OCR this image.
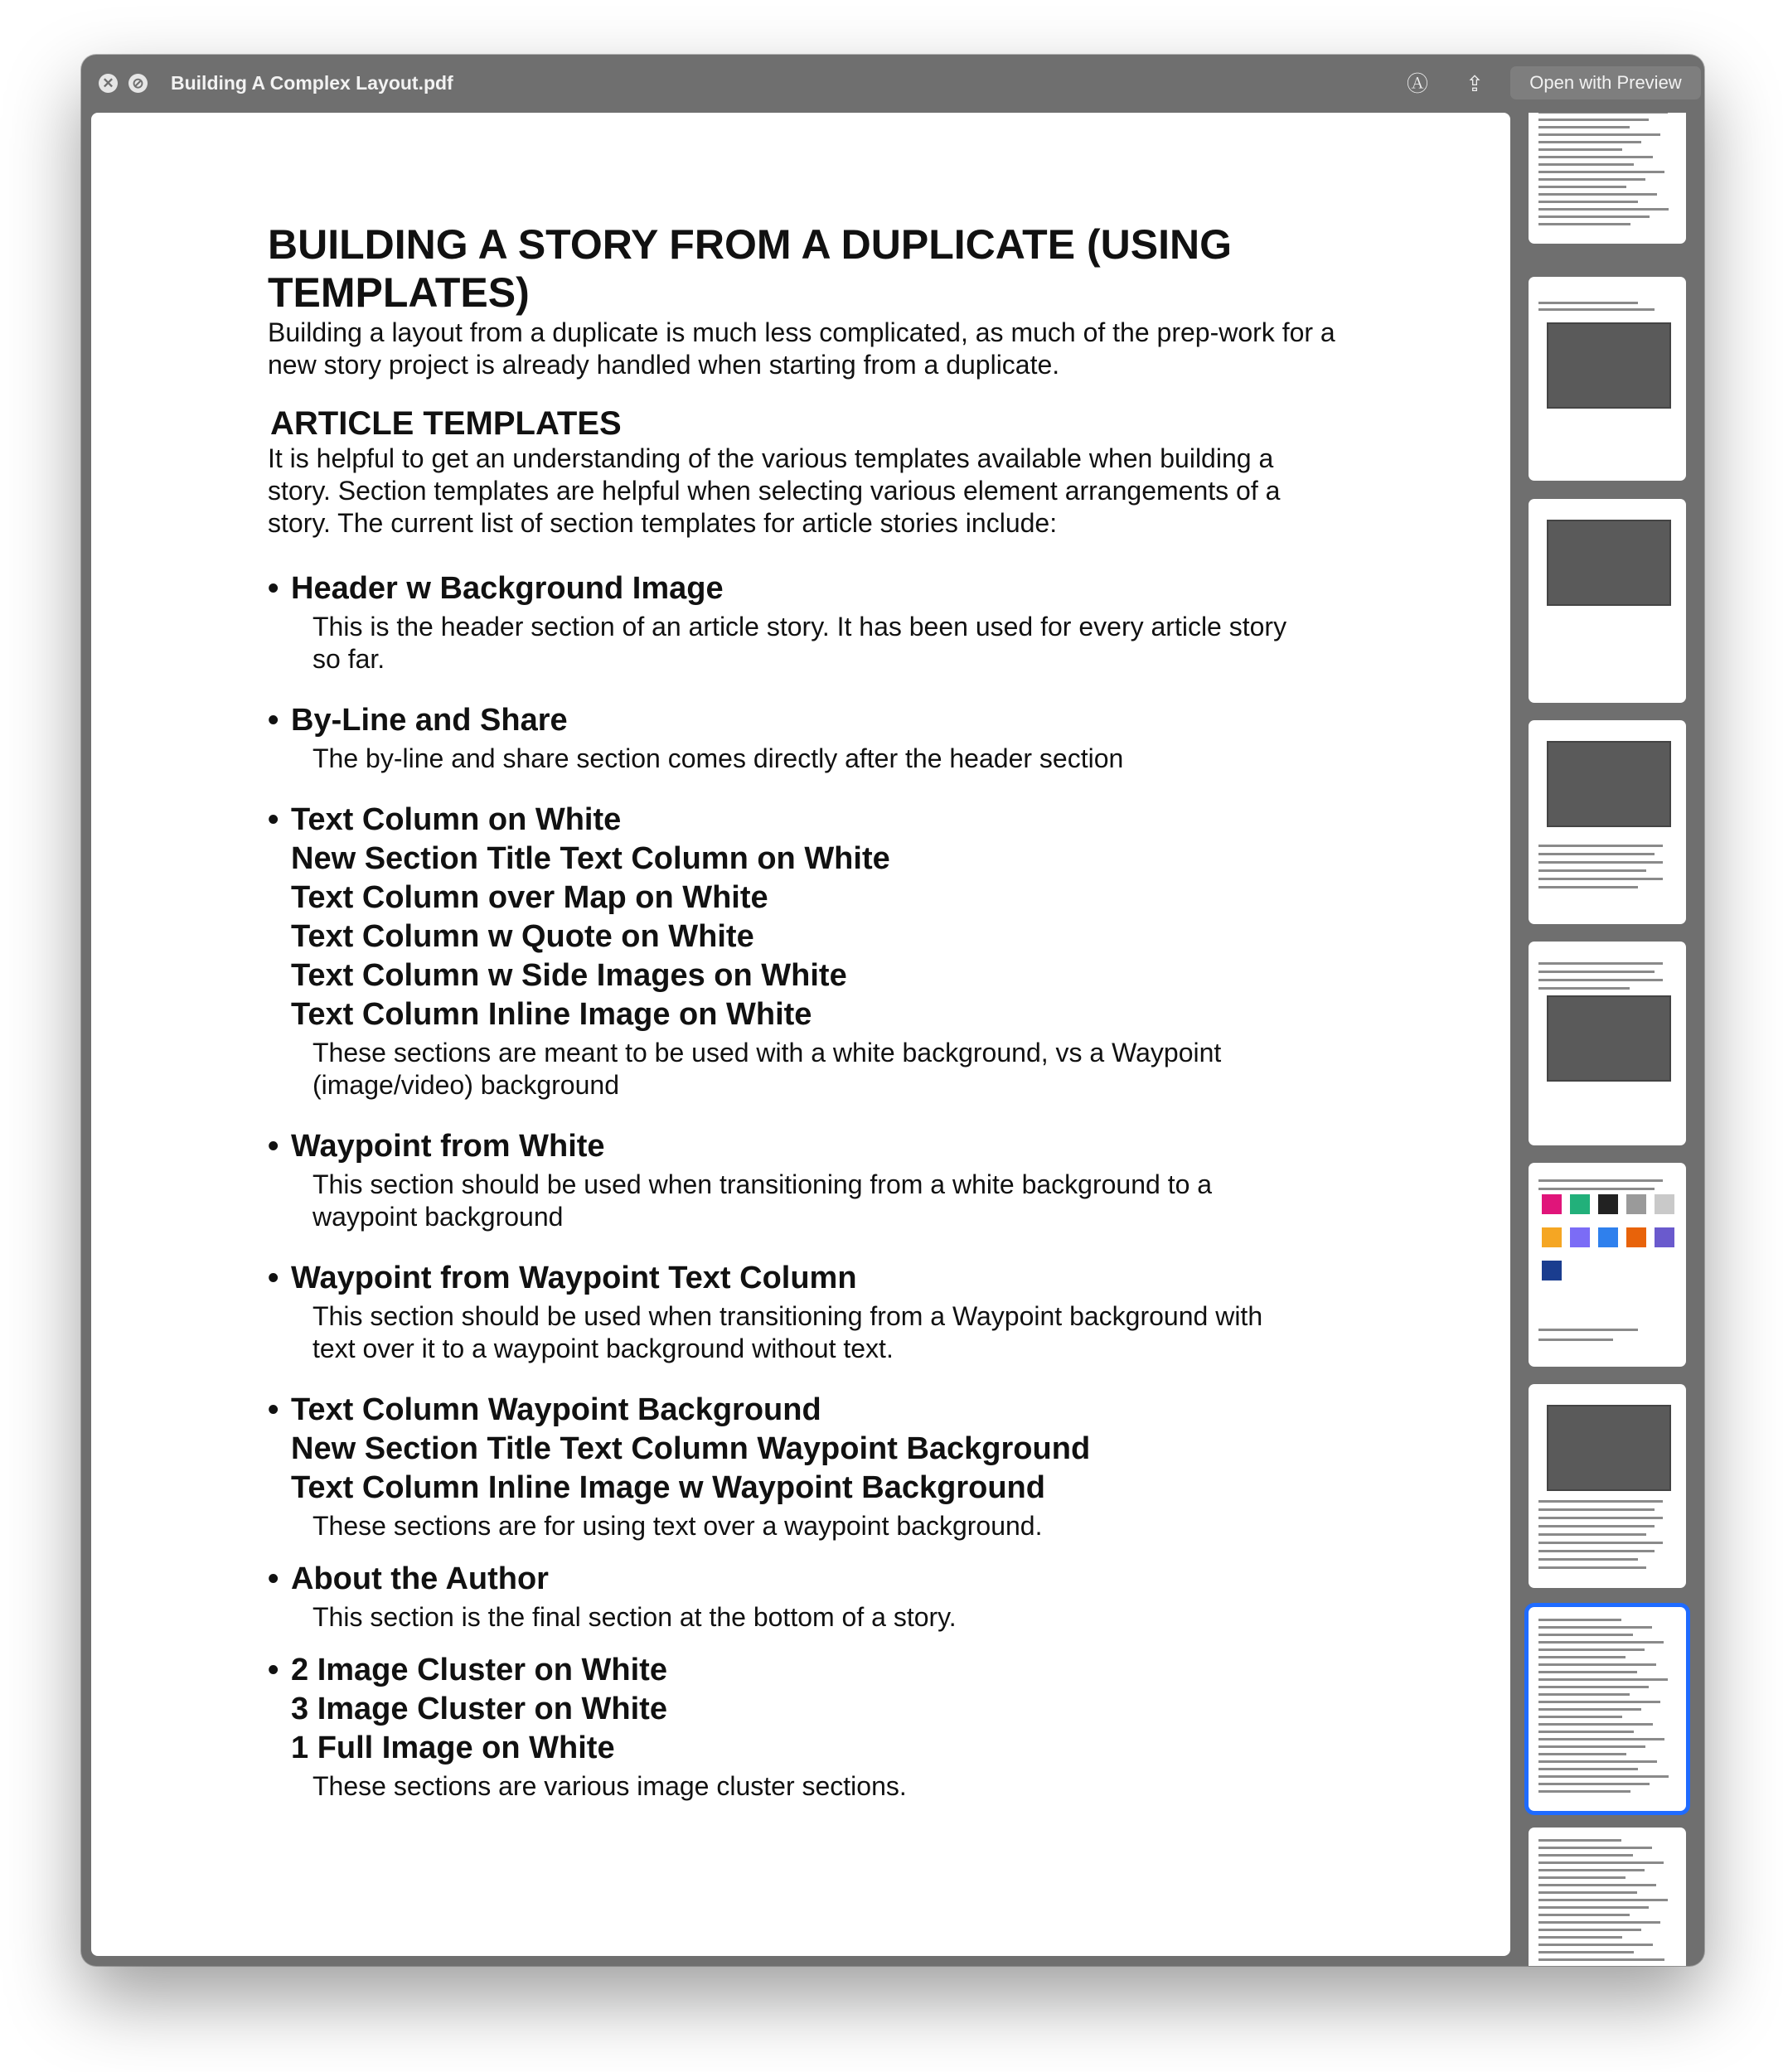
✕ ⊘ Building A Complex Layout.pdf	Ⓐ ⇪	Open with Preview
BUILDING A STORY FROM A DUPLICATE (USING TEMPLATES)

Building a layout from a duplicate is much less complicated, as much of the prep-work for a new story project is already handled when starting from a duplicate.

ARTICLE TEMPLATES

It is helpful to get an understanding of the various templates available when building a story. Section templates are helpful when selecting various element arrangements of a story. The current list of section templates for article stories include:

• Header w Background Image
This is the header section of an article story. It has been used for every article story so far.
• By-Line and Share
The by-line and share section comes directly after the header section
• Text Column on White
New Section Title Text Column on White
Text Column over Map on White
Text Column w Quote on White
Text Column w Side Images on White
Text Column Inline Image on White
These sections are meant to be used with a white background, vs a Waypoint (image/video) background
• Waypoint from White
This section should be used when transitioning from a white background to a waypoint background
• Waypoint from Waypoint Text Column
This section should be used when transitioning from a Waypoint background with text over it to a waypoint background without text.
• Text Column Waypoint Background
New Section Title Text Column Waypoint Background
Text Column Inline Image w Waypoint Background
These sections are for using text over a waypoint background.
• About the Author
This section is the final section at the bottom of a story.
• 2 Image Cluster on White
3 Image Cluster on White
1 Full Image on White
These sections are various image cluster sections.
